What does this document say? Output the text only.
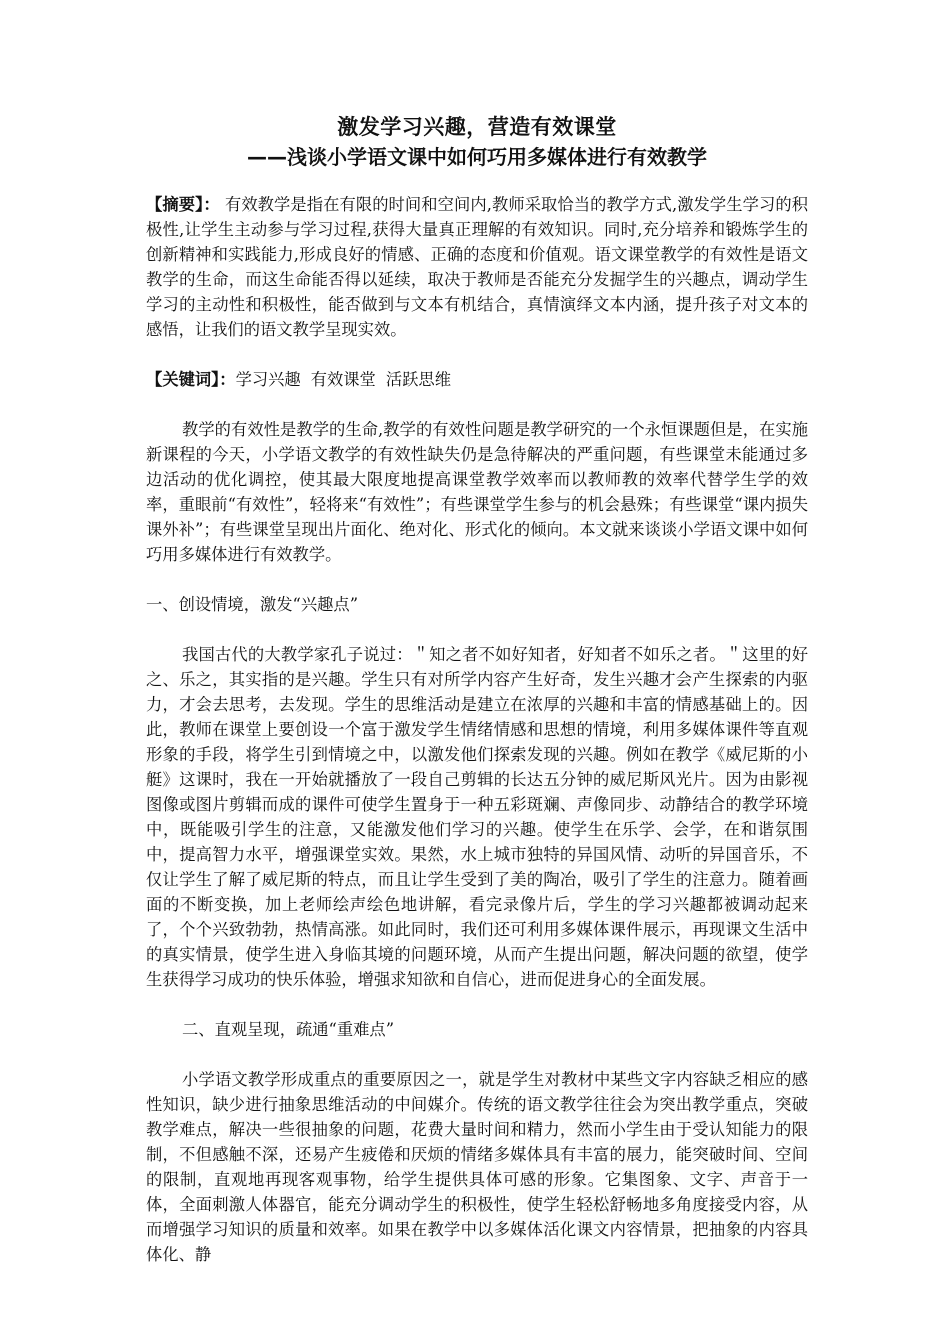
激发学习兴趣，营造有效课堂
——浅谈小学语文课中如何巧用多媒体进行有效教学

【摘要】： 有效教学是指在有限的时间和空间内,教师采取恰当的教学方式,激发学生学习的积极性,让学生主动参与学习过程,获得大量真正理解的有效知识。同时,充分培养和锻炼学生的创新精神和实践能力,形成良好的情感、正确的态度和价值观。语文课堂教学的有效性是语文教学的生命，而这生命能否得以延续，取决于教师是否能充分发掘学生的兴趣点，调动学生学习的主动性和积极性，能否做到与文本有机结合，真情演绎文本内涵，提升孩子对文本的感悟，让我们的语文教学呈现实效。

【关键词】：学习兴趣 有效课堂 活跃思维

教学的有效性是教学的生命,教学的有效性问题是教学研究的一个永恒课题但是，在实施新课程的今天，小学语文教学的有效性缺失仍是急待解决的严重问题，有些课堂未能通过多边活动的优化调控，使其最大限度地提高课堂教学效率而以教师教的效率代替学生学的效率，重眼前“有效性”，轻将来“有效性”；有些课堂学生参与的机会悬殊；有些课堂“课内损失课外补”；有些课堂呈现出片面化、绝对化、形式化的倾向。本文就来谈谈小学语文课中如何巧用多媒体进行有效教学。

一、创设情境，激发“兴趣点”

我国古代的大教学家孔子说过：＂知之者不如好知者，好知者不如乐之者。＂这里的好之、乐之，其实指的是兴趣。学生只有对所学内容产生好奇，发生兴趣才会产生探索的内驱力，才会去思考，去发现。学生的思维活动是建立在浓厚的兴趣和丰富的情感基础上的。因此，教师在课堂上要创设一个富于激发学生情绪情感和思想的情境，利用多媒体课件等直观形象的手段，将学生引到情境之中，以激发他们探索发现的兴趣。例如在教学《威尼斯的小艇》这课时，我在一开始就播放了一段自己剪辑的长达五分钟的威尼斯风光片。因为由影视图像或图片剪辑而成的课件可使学生置身于一种五彩斑斓、声像同步、动静结合的教学环境中，既能吸引学生的注意，又能激发他们学习的兴趣。使学生在乐学、会学，在和谐氛围中，提高智力水平，增强课堂实效。果然，水上城市独特的异国风情、动听的异国音乐，不仅让学生了解了威尼斯的特点，而且让学生受到了美的陶冶，吸引了学生的注意力。随着画面的不断变换，加上老师绘声绘色地讲解，看完录像片后，学生的学习兴趣都被调动起来了，个个兴致勃勃，热情高涨。如此同时，我们还可利用多媒体课件展示，再现课文生活中的真实情景，使学生进入身临其境的问题环境，从而产生提出问题，解决问题的欲望，使学生获得学习成功的快乐体验，增强求知欲和自信心，进而促进身心的全面发展。

二、直观呈现，疏通“重难点”

小学语文教学形成重点的重要原因之一，就是学生对教材中某些文字内容缺乏相应的感性知识，缺少进行抽象思维活动的中间媒介。传统的语文教学往往会为突出教学重点，突破教学难点，解决一些很抽象的问题，花费大量时间和精力，然而小学生由于受认知能力的限制，不但感触不深，还易产生疲倦和厌烦的情绪多媒体具有丰富的展力，能突破时间、空间的限制，直观地再现客观事物，给学生提供具体可感的形象。它集图象、文字、声音于一体，全面刺激人体器官，能充分调动学生的积极性，使学生轻松舒畅地多角度接受内容，从而增强学习知识的质量和效率。如果在教学中以多媒体活化课文内容情景，把抽象的内容具体化、静
